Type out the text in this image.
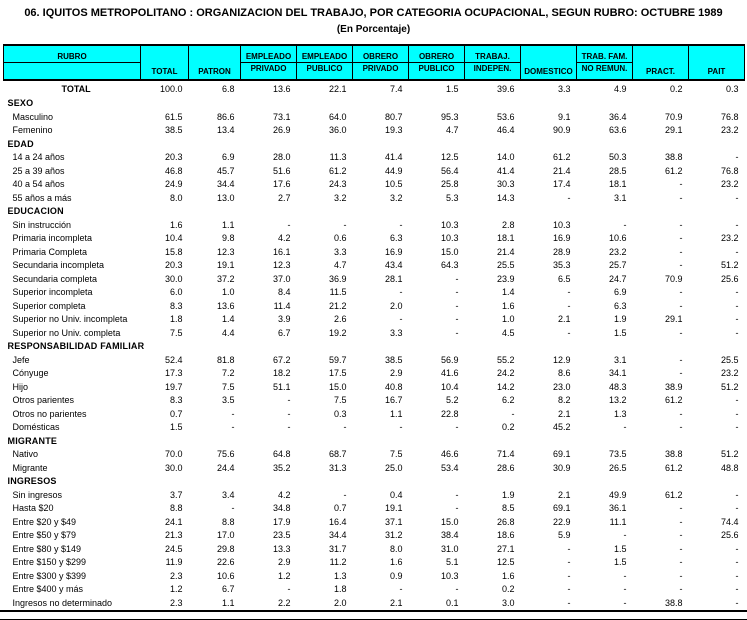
06. IQUITOS METROPOLITANO : ORGANIZACION DEL TRABAJO, POR CATEGORIA OCUPACIONAL, SEGUN RUBRO: OCTUBRE 1989
(En Porcentaje)
RUBRO	TOTAL	PATRON	EMPLEADO	EMPLEADO	OBRERO	OBRERO	TRABAJ.	DOMESTICO	TRAB. FAM.	PRACT.	PAIT
			PRIVADO	PUBLICO	PRIVADO	PUBLICO	INDEPEN.		NO REMUN.		
TOTAL	100.0	6.8	13.6	22.1	7.4	1.5	39.6	3.3	4.9	0.2	0.3
SEXO											
Masculino	61.5	86.6	73.1	64.0	80.7	95.3	53.6	9.1	36.4	70.9	76.8
Femenino	38.5	13.4	26.9	36.0	19.3	4.7	46.4	90.9	63.6	29.1	23.2
EDAD											
14 a 24 años	20.3	6.9	28.0	11.3	41.4	12.5	14.0	61.2	50.3	38.8	-
25 a 39 años	46.8	45.7	51.6	61.2	44.9	56.4	41.4	21.4	28.5	61.2	76.8
40 a 54 años	24.9	34.4	17.6	24.3	10.5	25.8	30.3	17.4	18.1	-	23.2
55 años a más	8.0	13.0	2.7	3.2	3.2	5.3	14.3	-	3.1	-	-
EDUCACION											
Sin instrucción	1.6	1.1	-	-	-	10.3	2.8	10.3	-	-	-
Primaria incompleta	10.4	9.8	4.2	0.6	6.3	10.3	18.1	16.9	10.6	-	23.2
Primaria Completa	15.8	12.3	16.1	3.3	16.9	15.0	21.4	28.9	23.2	-	-
Secundaria incompleta	20.3	19.1	12.3	4.7	43.4	64.3	25.5	35.3	25.7	-	51.2
Secundaria completa	30.0	37.2	37.0	36.9	28.1	-	23.9	6.5	24.7	70.9	25.6
Superior incompleta	6.0	1.0	8.4	11.5	-	-	1.4	-	6.9	-	-
Superior completa	8.3	13.6	11.4	21.2	2.0	-	1.6	-	6.3	-	-
Superior no Univ. incompleta	1.8	1.4	3.9	2.6	-	-	1.0	2.1	1.9	29.1	-
Superior no Univ. completa	7.5	4.4	6.7	19.2	3.3	-	4.5	-	1.5	-	-
RESPONSABILIDAD FAMILIAR											
Jefe	52.4	81.8	67.2	59.7	38.5	56.9	55.2	12.9	3.1	-	25.5
Cónyuge	17.3	7.2	18.2	17.5	2.9	41.6	24.2	8.6	34.1	-	23.2
Hijo	19.7	7.5	51.1	15.0	40.8	10.4	14.2	23.0	48.3	38.9	51.2
Otros parientes	8.3	3.5	-	7.5	16.7	5.2	6.2	8.2	13.2	61.2	-
Otros no parientes	0.7	-	-	0.3	1.1	22.8	-	2.1	1.3	-	-
Domésticas	1.5	-	-	-	-	-	0.2	45.2	-	-	-
MIGRANTE											
Nativo	70.0	75.6	64.8	68.7	7.5	46.6	71.4	69.1	73.5	38.8	51.2
Migrante	30.0	24.4	35.2	31.3	25.0	53.4	28.6	30.9	26.5	61.2	48.8
INGRESOS											
Sin ingresos	3.7	3.4	4.2	-	0.4	-	1.9	2.1	49.9	61.2	-
Hasta $20	8.8	-	34.8	0.7	19.1	-	8.5	69.1	36.1	-	-
Entre $20 y $49	24.1	8.8	17.9	16.4	37.1	15.0	26.8	22.9	11.1	-	74.4
Entre $50 y $79	21.3	17.0	23.5	34.4	31.2	38.4	18.6	5.9	-	-	25.6
Entre $80 y $149	24.5	29.8	13.3	31.7	8.0	31.0	27.1	-	1.5	-	-
Entre $150 y $299	11.9	22.6	2.9	11.2	1.6	5.1	12.5	-	1.5	-	-
Entre $300 y $399	2.3	10.6	1.2	1.3	0.9	10.3	1.6	-	-	-	-
Entre $400 y más	1.2	6.7	-	1.8	-	-	0.2	-	-	-	-
Ingresos no determinado	2.3	1.1	2.2	2.0	2.1	0.1	3.0	-	-	38.8	-
